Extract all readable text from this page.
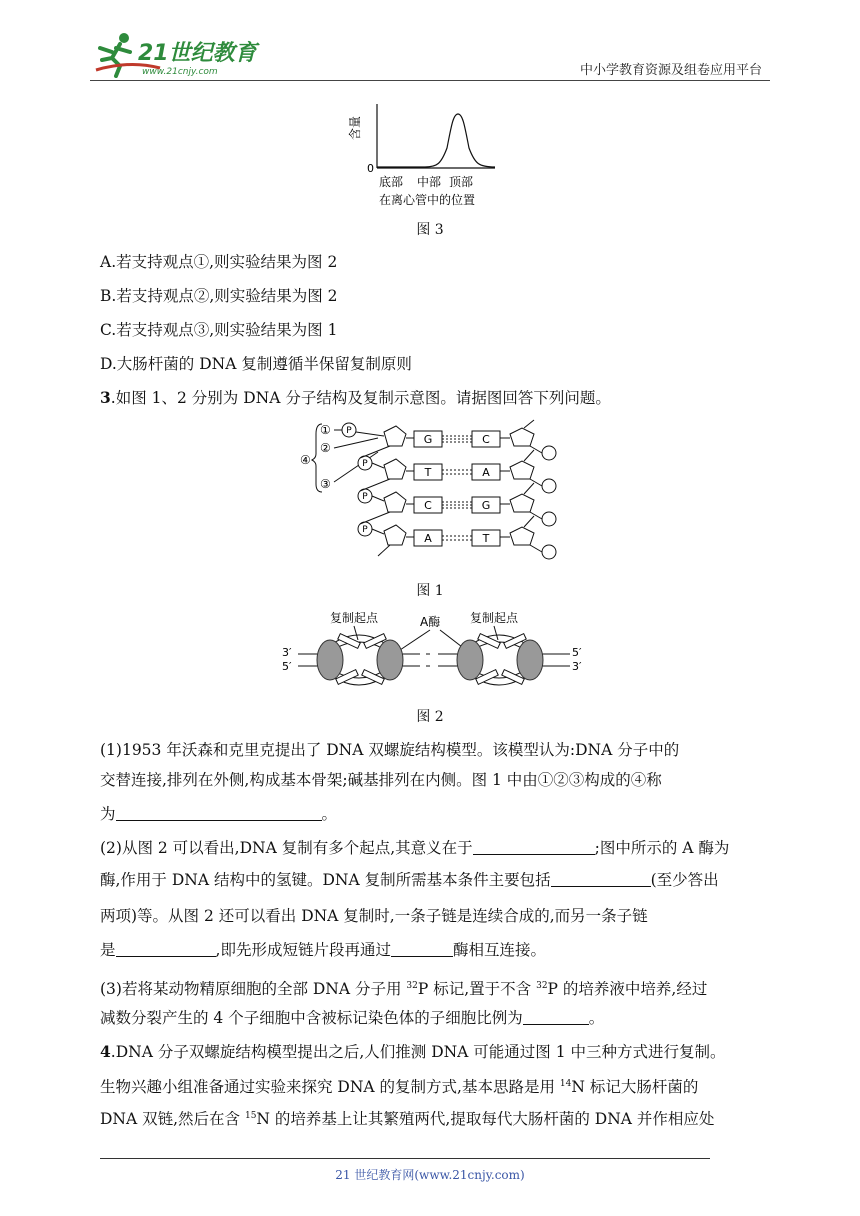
21世纪教育
www.21cnjy.com	中小学教育资源及组卷应用平台
含量
0
底部 中部 顶部
在离心管中的位置
图 3
A.若支持观点①,则实验结果为图 2
B.若支持观点②,则实验结果为图 2
C.若支持观点③,则实验结果为图 1
D.大肠杆菌的 DNA 复制遵循半保留复制原则
3.如图 1、2 分别为 DNA 分子结构及复制示意图。请据图回答下列问题。
①
②
③
④
P
P
P
P
G
T
C
A
C
A
G
T
图 1
复制起点	复制起点
A酶
3′
5′
5′
3′
图 2
(1)1953 年沃森和克里克提出了 DNA 双螺旋结构模型。该模型认为:DNA 分子中的
交替连接,排列在外侧,构成基本骨架;碱基排列在内侧。图 1 中由①②③构成的④称
为	。
(2)从图 2 可以看出,DNA 复制有多个起点,其意义在于	;图中所示的 A 酶为
酶,作用于 DNA 结构中的氢键。DNA 复制所需基本条件主要包括	(至少答出
两项)等。从图 2 还可以看出 DNA 复制时,一条子链是连续合成的,而另一条子链
是	,即先形成短链片段再通过	酶相互连接。
(3)若将某动物精原细胞的全部 DNA 分子用 $^{32}$P 标记,置于不含 $^{32}$P 的培养液中培养,经过
减数分裂产生的 4 个子细胞中含被标记染色体的子细胞比例为	。
4.DNA 分子双螺旋结构模型提出之后,人们推测 DNA 可能通过图 1 中三种方式进行复制。
生物兴趣小组准备通过实验来探究 DNA 的复制方式,基本思路是用 $^{14}$N 标记大肠杆菌的
DNA 双链,然后在含 $^{15}$N 的培养基上让其繁殖两代,提取每代大肠杆菌的 DNA 并作相应处
21 世纪教育网(www.21cnjy.com)
